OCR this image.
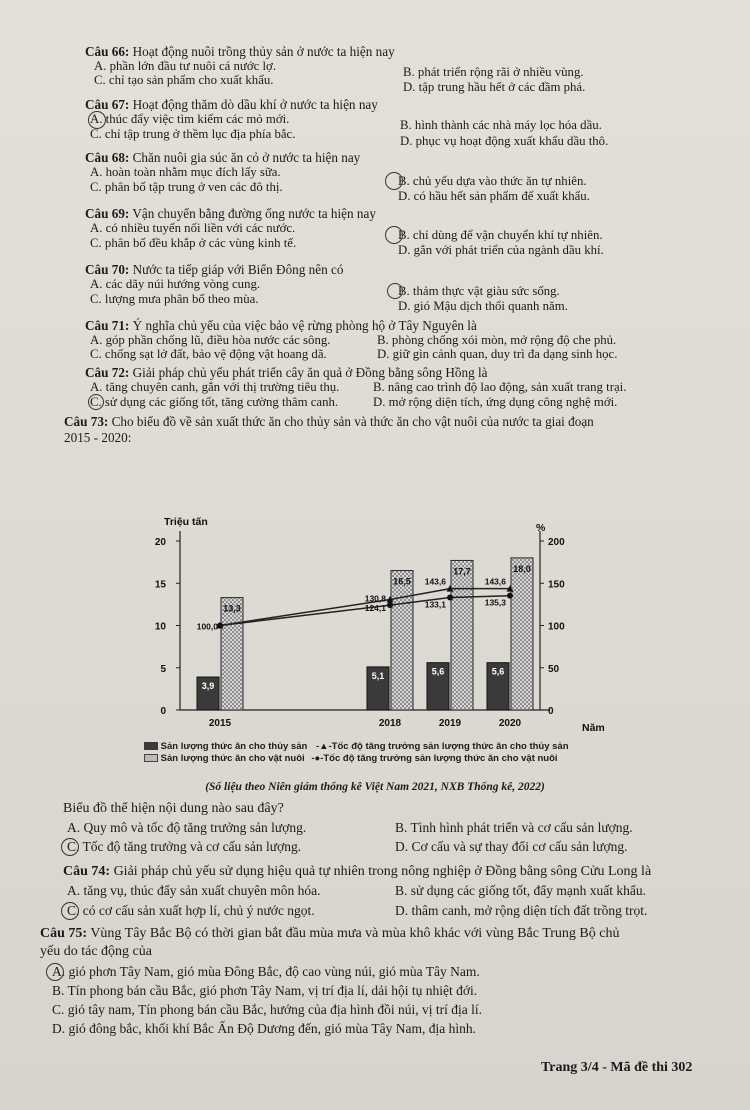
Câu 66: Hoạt động nuôi trồng thủy sản ở nước ta hiện nay
A. phần lớn đầu tư nuôi cá nước lợ.	B. phát triển rộng rãi ở nhiều vùng.
C. chỉ tạo sản phẩm cho xuất khẩu.	D. tập trung hầu hết ở các đầm phá.
Câu 67: Hoạt động thăm dò dầu khí ở nước ta hiện nay
A. thúc đẩy việc tìm kiếm các mỏ mới.	B. hình thành các nhà máy lọc hóa dầu.
C. chỉ tập trung ở thềm lục địa phía bắc.	D. phục vụ hoạt động xuất khẩu dầu thô.
Câu 68: Chăn nuôi gia súc ăn cỏ ở nước ta hiện nay
A. hoàn toàn nhằm mục đích lấy sữa.
B. chủ yếu dựa vào thức ăn tự nhiên.
C. phân bố tập trung ở ven các đô thị.
D. có hầu hết sản phẩm để xuất khẩu.
Câu 69: Vận chuyển bằng đường ống nước ta hiện nay
A. có nhiều tuyến nối liền với các nước.	B. chỉ dùng để vận chuyển khí tự nhiên.
C. phân bố đều khắp ở các vùng kinh tế.	D. gắn với phát triển của ngành dầu khí.
Câu 70: Nước ta tiếp giáp với Biển Đông nên có
A. các dãy núi hướng vòng cung.	B. thảm thực vật giàu sức sống.
C. lượng mưa phân bố theo mùa.	D. gió Mậu dịch thổi quanh năm.
Câu 71: Ý nghĩa chủ yếu của việc bảo vệ rừng phòng hộ ở Tây Nguyên là
A. góp phần chống lũ, điều hòa nước các sông.	B. phòng chống xói mòn, mở rộng độ che phủ.
C. chống sạt lở đất, bảo vệ động vật hoang dã.	D. giữ gìn cảnh quan, duy trì đa dạng sinh học.
Câu 72: Giải pháp chủ yếu phát triển cây ăn quả ở Đồng bằng sông Hồng là
A. tăng chuyên canh, gắn với thị trường tiêu thụ.	B. nâng cao trình độ lao động, sản xuất trang trại.
C. sử dụng các giống tốt, tăng cường thâm canh.	D. mở rộng diện tích, ứng dụng công nghệ mới.
Câu 73: Cho biểu đồ về sản xuất thức ăn cho thủy sản và thức ăn cho vật nuôi của nước ta giai đoạn
2015 - 2020:
Triệu tấn	%
Năm
0
5
10
15
20
0
50
100
150
200
3,9
13,3
2015
5,1
16,5
2018
5,6
17,7
2019
5,6
18,0
2020
100,0
130,8
143,6	143,6
124,1	133,1	135,3
Sản lượng thức ăn cho thủy sản -▲-Tốc độ tăng trưởng sản lượng thức ăn cho thủy sản
Sản lượng thức ăn cho vật nuôi -●-Tốc độ tăng trưởng sản lượng thức ăn cho vật nuôi
(Số liệu theo Niên giám thống kê Việt Nam 2021, NXB Thống kê, 2022)
Biểu đồ thể hiện nội dung nào sau đây?
A. Quy mô và tốc độ tăng trưởng sản lượng.	B. Tình hình phát triển và cơ cấu sản lượng.
C. Tốc độ tăng trưởng và cơ cấu sản lượng.	D. Cơ cấu và sự thay đổi cơ cấu sản lượng.
Câu 74: Giải pháp chủ yếu sử dụng hiệu quả tự nhiên trong nông nghiệp ở Đồng bằng sông Cửu Long là
A. tăng vụ, thúc đẩy sản xuất chuyên môn hóa.	B. sử dụng các giống tốt, đẩy mạnh xuất khẩu.
C. có cơ cấu sản xuất hợp lí, chủ ý nước ngọt.	D. thâm canh, mở rộng diện tích đất trồng trọt.
Câu 75: Vùng Tây Bắc Bộ có thời gian bắt đầu mùa mưa và mùa khô khác với vùng Bắc Trung Bộ chủ
yếu do tác động của
A. gió phơn Tây Nam, gió mùa Đông Bắc, độ cao vùng núi, gió mùa Tây Nam.
B. Tín phong bán cầu Bắc, gió phơn Tây Nam, vị trí địa lí, dải hội tụ nhiệt đới.
C. gió tây nam, Tín phong bán cầu Bắc, hướng của địa hình đồi núi, vị trí địa lí.
D. gió đông bắc, khối khí Bắc Ấn Độ Dương đến, gió mùa Tây Nam, địa hình.
Trang 3/4 - Mã đề thi 302
